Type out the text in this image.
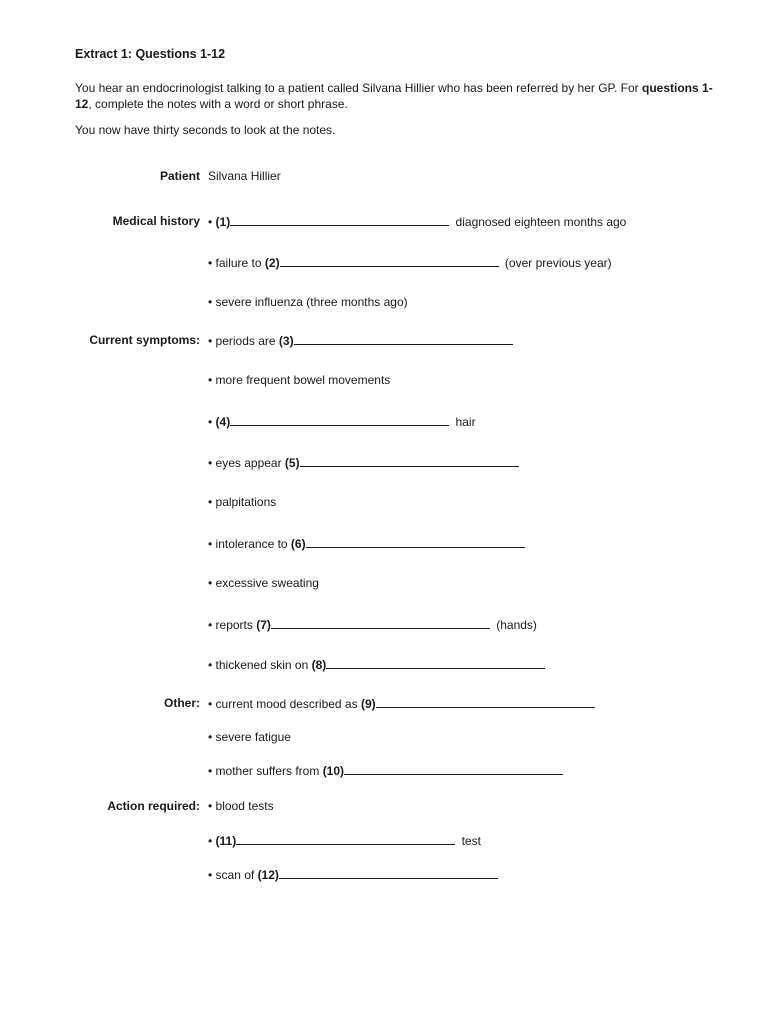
Extract 1: Questions 1-12
You hear an endocrinologist talking to a patient called Silvana Hillier who has been referred by her GP. For questions 1-12, complete the notes with a word or short phrase.
You now have thirty seconds to look at the notes.
Patient Silvana Hillier
Medical history • (1)	diagnosed eighteen months ago
• failure to (2)	(over previous year)
• severe influenza (three months ago)
Current symptoms: • periods are (3)
• more frequent bowel movements
• (4)	hair
• eyes appear (5)
• palpitations
• intolerance to (6)
• excessive sweating
• reports (7)	(hands)
• thickened skin on (8)
Other: • current mood described as (9)
• severe fatigue
• mother suffers from (10)
Action required: • blood tests
• (11)	test
• scan of (12)
